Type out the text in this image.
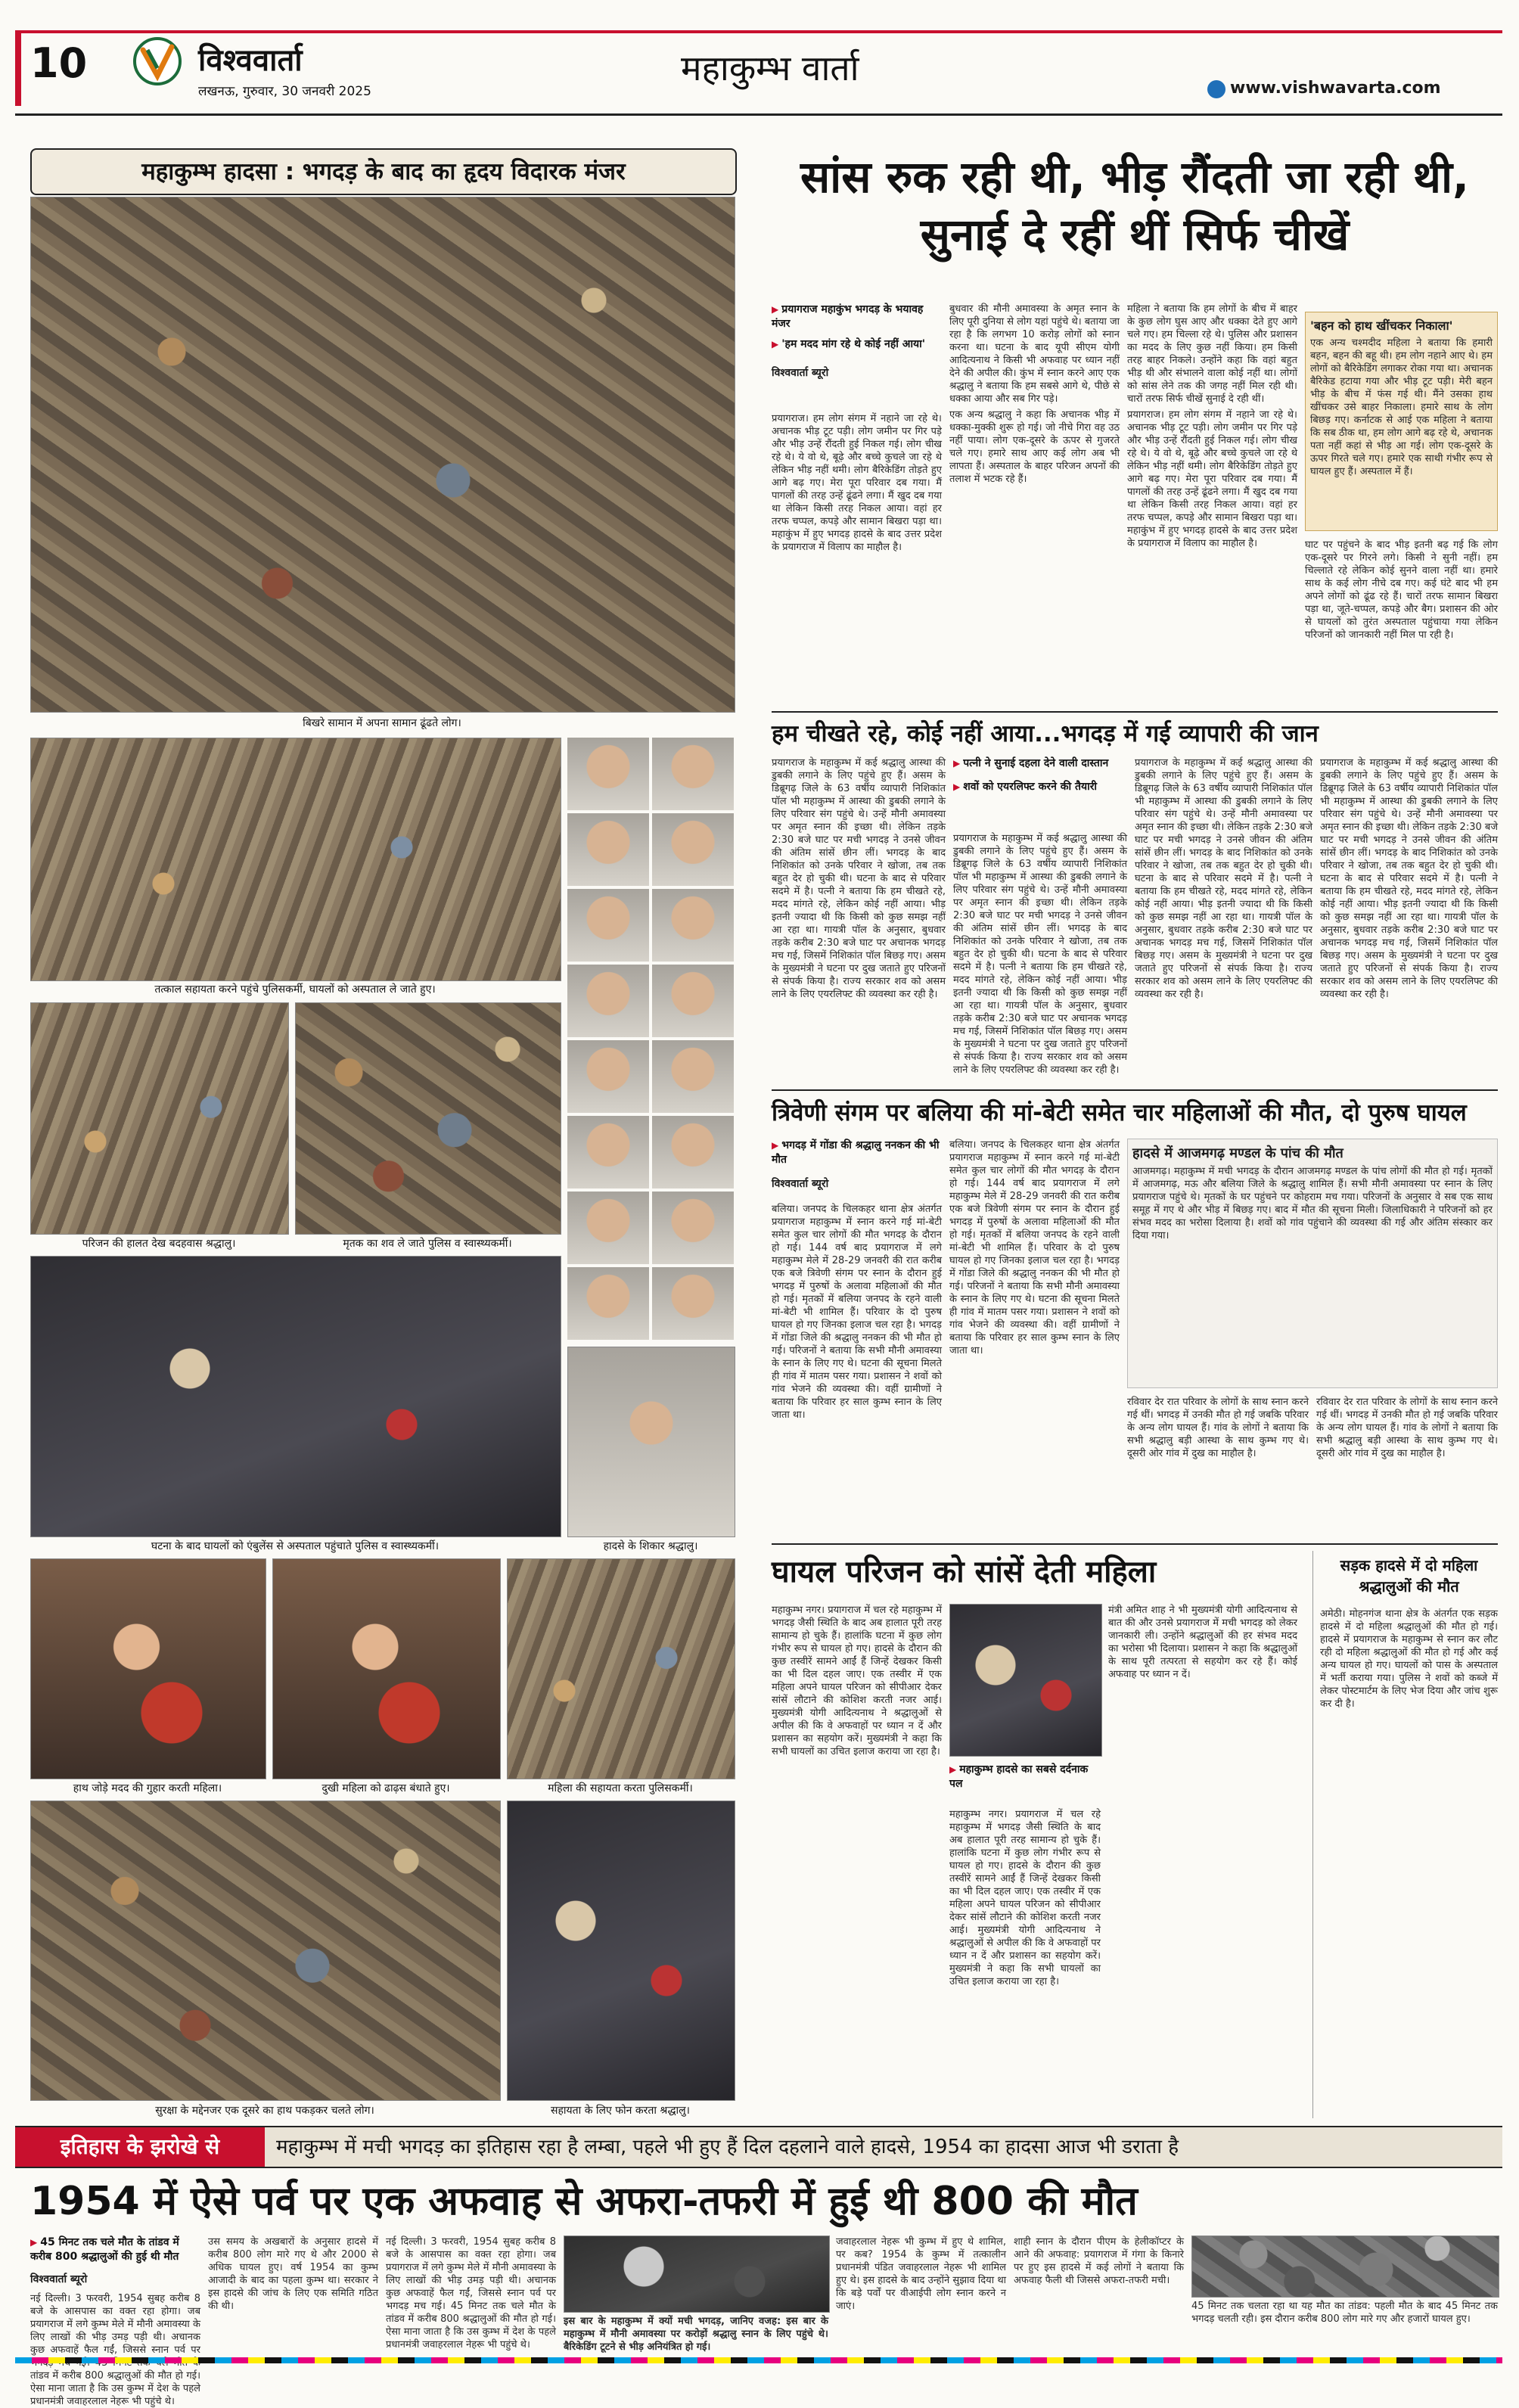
10	विश्ववार्ता
लखनऊ, गुरुवार, 30 जनवरी 2025
महाकुम्भ वार्ता	www.vishwavarta.com
महाकुम्भ हादसा : भगदड़ के बाद का हृदय विदारक मंजर
बिखरे सामान में अपना सामान ढूंढते लोग।
तत्काल सहायता करने पहुंचे पुलिसकर्मी, घायलों को अस्पताल ले जाते हुए।
परिजन की हालत देख बदहवास श्रद्धालु।	मृतक का शव ले जाते पुलिस व स्वास्थ्यकर्मी।
घटना के बाद घायलों को एंबुलेंस से अस्पताल पहुंचाते पुलिस व स्वास्थ्यकर्मी।	हादसे के शिकार श्रद्धालु।
हाथ जोड़े मदद की गुहार करती महिला।	दुखी महिला को ढाढ़स बंधाते हुए।	महिला की सहायता करता पुलिसकर्मी।
सुरक्षा के मद्देनजर एक दूसरे का हाथ पकड़कर चलते लोग।	सहायता के लिए फोन करता श्रद्धालु।
सांस रुक रही थी, भीड़ रौंदती जा रही थी, सुनाई दे रहीं थीं सिर्फ चीखें
▶ प्रयागराज महाकुंभ भगदड़ के भयावह मंजर
▶ 'हम मदद मांग रहे थे कोई नहीं आया'
विश्ववार्ता ब्यूरो

प्रयागराज। हम लोग संगम में नहाने जा रहे थे। अचानक भीड़ टूट पड़ी। लोग जमीन पर गिर पड़े और भीड़ उन्हें रौंदती हुई निकल गई। लोग चीख रहे थे। ये वो थे, बूढ़े और बच्चे कुचले जा रहे थे लेकिन भीड़ नहीं थमी। लोग बैरिकेडिंग तोड़ते हुए आगे बढ़ गए। मेरा पूरा परिवार दब गया। मैं पागलों की तरह उन्हें ढूंढने लगा। मैं खुद दब गया था लेकिन किसी तरह निकल आया। वहां हर तरफ चप्पल, कपड़े और सामान बिखरा पड़ा था। महाकुंभ में हुए भगदड़ हादसे के बाद उत्तर प्रदेश के प्रयागराज में विलाप का माहौल है।

बुधवार की मौनी अमावस्या के अमृत स्नान के लिए पूरी दुनिया से लोग यहां पहुंचे थे। बताया जा रहा है कि लगभग 10 करोड़ लोगों को स्नान करना था। घटना के बाद यूपी सीएम योगी आदित्यनाथ ने किसी भी अफवाह पर ध्यान नहीं देने की अपील की। कुंभ में स्नान करने आए एक श्रद्धालु ने बताया कि हम सबसे आगे थे, पीछे से धक्का आया और सब गिर पड़े।

एक अन्य श्रद्धालु ने कहा कि अचानक भीड़ में धक्का-मुक्की शुरू हो गई। जो नीचे गिरा वह उठ नहीं पाया। लोग एक-दूसरे के ऊपर से गुजरते चले गए। हमारे साथ आए कई लोग अब भी लापता हैं। अस्पताल के बाहर परिजन अपनों की तलाश में भटक रहे हैं।

महिला ने बताया कि हम लोगों के बीच में बाहर के कुछ लोग घुस आए और धक्का देते हुए आगे चले गए। हम चिल्ला रहे थे। पुलिस और प्रशासन का मदद के लिए कुछ नहीं किया। हम किसी तरह बाहर निकले। उन्होंने कहा कि वहां बहुत भीड़ थी और संभालने वाला कोई नहीं था। लोगों को सांस लेने तक की जगह नहीं मिल रही थी। चारों तरफ सिर्फ चीखें सुनाई दे रही थीं।

प्रयागराज। हम लोग संगम में नहाने जा रहे थे। अचानक भीड़ टूट पड़ी। लोग जमीन पर गिर पड़े और भीड़ उन्हें रौंदती हुई निकल गई। लोग चीख रहे थे। ये वो थे, बूढ़े और बच्चे कुचले जा रहे थे लेकिन भीड़ नहीं थमी। लोग बैरिकेडिंग तोड़ते हुए आगे बढ़ गए। मेरा पूरा परिवार दब गया। मैं पागलों की तरह उन्हें ढूंढने लगा। मैं खुद दब गया था लेकिन किसी तरह निकल आया। वहां हर तरफ चप्पल, कपड़े और सामान बिखरा पड़ा था। महाकुंभ में हुए भगदड़ हादसे के बाद उत्तर प्रदेश के प्रयागराज में विलाप का माहौल है।

'बहन को हाथ खींचकर निकाला'
एक अन्य चश्मदीद महिला ने बताया कि हमारी बहन, बहन की बहू थी। हम लोग नहाने आए थे। हम लोगों को बैरिकेडिंग लगाकर रोका गया था। अचानक बैरिकेड हटाया गया और भीड़ टूट पड़ी। मेरी बहन भीड़ के बीच में फंस गई थी। मैंने उसका हाथ खींचकर उसे बाहर निकाला। हमारे साथ के लोग बिछड़ गए। कर्नाटक से आई एक महिला ने बताया कि सब ठीक था, हम लोग आगे बढ़ रहे थे, अचानक पता नहीं कहां से भीड़ आ गई। लोग एक-दूसरे के ऊपर गिरते चले गए। हमारे एक साथी गंभीर रूप से घायल हुए हैं। अस्पताल में हैं।
घाट पर पहुंचने के बाद भीड़ इतनी बढ़ गई कि लोग एक-दूसरे पर गिरने लगे। किसी ने सुनी नहीं। हम चिल्लाते रहे लेकिन कोई सुनने वाला नहीं था। हमारे साथ के कई लोग नीचे दब गए। कई घंटे बाद भी हम अपने लोगों को ढूंढ रहे हैं। चारों तरफ सामान बिखरा पड़ा था, जूते-चप्पल, कपड़े और बैग। प्रशासन की ओर से घायलों को तुरंत अस्पताल पहुंचाया गया लेकिन परिजनों को जानकारी नहीं मिल पा रही है।
हम चीखते रहे, कोई नहीं आया...भगदड़ में गई व्यापारी की जान
प्रयागराज के महाकुम्भ में कई श्रद्धालु आस्था की डुबकी लगाने के लिए पहुंचे हुए हैं। असम के डिब्रूगढ़ जिले के 63 वर्षीय व्यापारी निशिकांत पॉल भी महाकुम्भ में आस्था की डुबकी लगाने के लिए परिवार संग पहुंचे थे। उन्हें मौनी अमावस्या पर अमृत स्नान की इच्छा थी। लेकिन तड़के 2:30 बजे घाट पर मची भगदड़ ने उनसे जीवन की अंतिम सांसें छीन लीं। भगदड़ के बाद निशिकांत को उनके परिवार ने खोजा, तब तक बहुत देर हो चुकी थी। घटना के बाद से परिवार सदमे में है। पत्नी ने बताया कि हम चीखते रहे, मदद मांगते रहे, लेकिन कोई नहीं आया। भीड़ इतनी ज्यादा थी कि किसी को कुछ समझ नहीं आ रहा था। गायत्री पॉल के अनुसार, बुधवार तड़के करीब 2:30 बजे घाट पर अचानक भगदड़ मच गई, जिसमें निशिकांत पॉल बिछड़ गए। असम के मुख्यमंत्री ने घटना पर दुख जताते हुए परिजनों से संपर्क किया है। राज्य सरकार शव को असम लाने के लिए एयरलिफ्ट की व्यवस्था कर रही है।
▶ पत्नी ने सुनाई दहला देने वाली दास्तान
▶ शवों को एयरलिफ्ट करने की तैयारी
प्रयागराज के महाकुम्भ में कई श्रद्धालु आस्था की डुबकी लगाने के लिए पहुंचे हुए हैं। असम के डिब्रूगढ़ जिले के 63 वर्षीय व्यापारी निशिकांत पॉल भी महाकुम्भ में आस्था की डुबकी लगाने के लिए परिवार संग पहुंचे थे। उन्हें मौनी अमावस्या पर अमृत स्नान की इच्छा थी। लेकिन तड़के 2:30 बजे घाट पर मची भगदड़ ने उनसे जीवन की अंतिम सांसें छीन लीं। भगदड़ के बाद निशिकांत को उनके परिवार ने खोजा, तब तक बहुत देर हो चुकी थी। घटना के बाद से परिवार सदमे में है। पत्नी ने बताया कि हम चीखते रहे, मदद मांगते रहे, लेकिन कोई नहीं आया। भीड़ इतनी ज्यादा थी कि किसी को कुछ समझ नहीं आ रहा था। गायत्री पॉल के अनुसार, बुधवार तड़के करीब 2:30 बजे घाट पर अचानक भगदड़ मच गई, जिसमें निशिकांत पॉल बिछड़ गए। असम के मुख्यमंत्री ने घटना पर दुख जताते हुए परिजनों से संपर्क किया है। राज्य सरकार शव को असम लाने के लिए एयरलिफ्ट की व्यवस्था कर रही है।
प्रयागराज के महाकुम्भ में कई श्रद्धालु आस्था की डुबकी लगाने के लिए पहुंचे हुए हैं। असम के डिब्रूगढ़ जिले के 63 वर्षीय व्यापारी निशिकांत पॉल भी महाकुम्भ में आस्था की डुबकी लगाने के लिए परिवार संग पहुंचे थे। उन्हें मौनी अमावस्या पर अमृत स्नान की इच्छा थी। लेकिन तड़के 2:30 बजे घाट पर मची भगदड़ ने उनसे जीवन की अंतिम सांसें छीन लीं। भगदड़ के बाद निशिकांत को उनके परिवार ने खोजा, तब तक बहुत देर हो चुकी थी। घटना के बाद से परिवार सदमे में है। पत्नी ने बताया कि हम चीखते रहे, मदद मांगते रहे, लेकिन कोई नहीं आया। भीड़ इतनी ज्यादा थी कि किसी को कुछ समझ नहीं आ रहा था। गायत्री पॉल के अनुसार, बुधवार तड़के करीब 2:30 बजे घाट पर अचानक भगदड़ मच गई, जिसमें निशिकांत पॉल बिछड़ गए। असम के मुख्यमंत्री ने घटना पर दुख जताते हुए परिजनों से संपर्क किया है। राज्य सरकार शव को असम लाने के लिए एयरलिफ्ट की व्यवस्था कर रही है।
प्रयागराज के महाकुम्भ में कई श्रद्धालु आस्था की डुबकी लगाने के लिए पहुंचे हुए हैं। असम के डिब्रूगढ़ जिले के 63 वर्षीय व्यापारी निशिकांत पॉल भी महाकुम्भ में आस्था की डुबकी लगाने के लिए परिवार संग पहुंचे थे। उन्हें मौनी अमावस्या पर अमृत स्नान की इच्छा थी। लेकिन तड़के 2:30 बजे घाट पर मची भगदड़ ने उनसे जीवन की अंतिम सांसें छीन लीं। भगदड़ के बाद निशिकांत को उनके परिवार ने खोजा, तब तक बहुत देर हो चुकी थी। घटना के बाद से परिवार सदमे में है। पत्नी ने बताया कि हम चीखते रहे, मदद मांगते रहे, लेकिन कोई नहीं आया। भीड़ इतनी ज्यादा थी कि किसी को कुछ समझ नहीं आ रहा था। गायत्री पॉल के अनुसार, बुधवार तड़के करीब 2:30 बजे घाट पर अचानक भगदड़ मच गई, जिसमें निशिकांत पॉल बिछड़ गए। असम के मुख्यमंत्री ने घटना पर दुख जताते हुए परिजनों से संपर्क किया है। राज्य सरकार शव को असम लाने के लिए एयरलिफ्ट की व्यवस्था कर रही है।
त्रिवेणी संगम पर बलिया की मां-बेटी समेत चार महिलाओं की मौत, दो पुरुष घायल
▶ भगदड़ में गोंडा की श्रद्धालु ननकन की भी मौत
विश्ववार्ता ब्यूरो
बलिया। जनपद के चिलकहर थाना क्षेत्र अंतर्गत प्रयागराज महाकुम्भ में स्नान करने गई मां-बेटी समेत कुल चार लोगों की मौत भगदड़ के दौरान हो गई। 144 वर्ष बाद प्रयागराज में लगे महाकुम्भ मेले में 28-29 जनवरी की रात करीब एक बजे त्रिवेणी संगम पर स्नान के दौरान हुई भगदड़ में पुरुषों के अलावा महिलाओं की मौत हो गई। मृतकों में बलिया जनपद के रहने वाली मां-बेटी भी शामिल हैं। परिवार के दो पुरुष घायल हो गए जिनका इलाज चल रहा है। भगदड़ में गोंडा जिले की श्रद्धालु ननकन की भी मौत हो गई। परिजनों ने बताया कि सभी मौनी अमावस्या के स्नान के लिए गए थे। घटना की सूचना मिलते ही गांव में मातम पसर गया। प्रशासन ने शवों को गांव भेजने की व्यवस्था की। वहीं ग्रामीणों ने बताया कि परिवार हर साल कुम्भ स्नान के लिए जाता था।
बलिया। जनपद के चिलकहर थाना क्षेत्र अंतर्गत प्रयागराज महाकुम्भ में स्नान करने गई मां-बेटी समेत कुल चार लोगों की मौत भगदड़ के दौरान हो गई। 144 वर्ष बाद प्रयागराज में लगे महाकुम्भ मेले में 28-29 जनवरी की रात करीब एक बजे त्रिवेणी संगम पर स्नान के दौरान हुई भगदड़ में पुरुषों के अलावा महिलाओं की मौत हो गई। मृतकों में बलिया जनपद के रहने वाली मां-बेटी भी शामिल हैं। परिवार के दो पुरुष घायल हो गए जिनका इलाज चल रहा है। भगदड़ में गोंडा जिले की श्रद्धालु ननकन की भी मौत हो गई। परिजनों ने बताया कि सभी मौनी अमावस्या के स्नान के लिए गए थे। घटना की सूचना मिलते ही गांव में मातम पसर गया। प्रशासन ने शवों को गांव भेजने की व्यवस्था की। वहीं ग्रामीणों ने बताया कि परिवार हर साल कुम्भ स्नान के लिए जाता था।
हादसे में आजमगढ़ मण्डल के पांच की मौत
आजमगढ़। महाकुम्भ में मची भगदड़ के दौरान आजमगढ़ मण्डल के पांच लोगों की मौत हो गई। मृतकों में आजमगढ़, मऊ और बलिया जिले के श्रद्धालु शामिल हैं। सभी मौनी अमावस्या पर स्नान के लिए प्रयागराज पहुंचे थे। मृतकों के घर पहुंचने पर कोहराम मच गया। परिजनों के अनुसार वे सब एक साथ समूह में गए थे और भीड़ में बिछड़ गए। बाद में मौत की सूचना मिली। जिलाधिकारी ने परिजनों को हर संभव मदद का भरोसा दिलाया है। शवों को गांव पहुंचाने की व्यवस्था की गई और अंतिम संस्कार कर दिया गया।
रविवार देर रात परिवार के लोगों के साथ स्नान करने गई थीं। भगदड़ में उनकी मौत हो गई जबकि परिवार के अन्य लोग घायल हैं। गांव के लोगों ने बताया कि सभी श्रद्धालु बड़ी आस्था के साथ कुम्भ गए थे। दूसरी ओर गांव में दुख का माहौल है।
रविवार देर रात परिवार के लोगों के साथ स्नान करने गई थीं। भगदड़ में उनकी मौत हो गई जबकि परिवार के अन्य लोग घायल हैं। गांव के लोगों ने बताया कि सभी श्रद्धालु बड़ी आस्था के साथ कुम्भ गए थे। दूसरी ओर गांव में दुख का माहौल है।
घायल परिजन को सांसें देती महिला
महाकुम्भ नगर। प्रयागराज में चल रहे महाकुम्भ में भगदड़ जैसी स्थिति के बाद अब हालात पूरी तरह सामान्य हो चुके हैं। हालांकि घटना में कुछ लोग गंभीर रूप से घायल हो गए। हादसे के दौरान की कुछ तस्वीरें सामने आईं हैं जिन्हें देखकर किसी का भी दिल दहल जाए। एक तस्वीर में एक महिला अपने घायल परिजन को सीपीआर देकर सांसें लौटाने की कोशिश करती नजर आई। मुख्यमंत्री योगी आदित्यनाथ ने श्रद्धालुओं से अपील की कि वे अफवाहों पर ध्यान न दें और प्रशासन का सहयोग करें। मुख्यमंत्री ने कहा कि सभी घायलों का उचित इलाज कराया जा रहा है।
▶ महाकुम्भ हादसे का सबसे दर्दनाक पल
महाकुम्भ नगर। प्रयागराज में चल रहे महाकुम्भ में भगदड़ जैसी स्थिति के बाद अब हालात पूरी तरह सामान्य हो चुके हैं। हालांकि घटना में कुछ लोग गंभीर रूप से घायल हो गए। हादसे के दौरान की कुछ तस्वीरें सामने आईं हैं जिन्हें देखकर किसी का भी दिल दहल जाए। एक तस्वीर में एक महिला अपने घायल परिजन को सीपीआर देकर सांसें लौटाने की कोशिश करती नजर आई। मुख्यमंत्री योगी आदित्यनाथ ने श्रद्धालुओं से अपील की कि वे अफवाहों पर ध्यान न दें और प्रशासन का सहयोग करें। मुख्यमंत्री ने कहा कि सभी घायलों का उचित इलाज कराया जा रहा है।
मंत्री अमित शाह ने भी मुख्यमंत्री योगी आदित्यनाथ से बात की और उनसे प्रयागराज में मची भगदड़ को लेकर जानकारी ली। उन्होंने श्रद्धालुओं की हर संभव मदद का भरोसा भी दिलाया। प्रशासन ने कहा कि श्रद्धालुओं के साथ पूरी तत्परता से सहयोग कर रहे हैं। कोई अफवाह पर ध्यान न दें।
सड़क हादसे में दो महिला श्रद्धालुओं की मौत
अमेठी। मोहनगंज थाना क्षेत्र के अंतर्गत एक सड़क हादसे में दो महिला श्रद्धालुओं की मौत हो गई। हादसे में प्रयागराज के महाकुम्भ से स्नान कर लौट रही दो महिला श्रद्धालुओं की मौत हो गई और कई अन्य घायल हो गए। घायलों को पास के अस्पताल में भर्ती कराया गया। पुलिस ने शवों को कब्जे में लेकर पोस्टमार्टम के लिए भेज दिया और जांच शुरू कर दी है।
इतिहास के झरोखे से	महाकुम्भ में मची भगदड़ का इतिहास रहा है लम्बा, पहले भी हुए हैं दिल दहलाने वाले हादसे, 1954 का हादसा आज भी डराता है
1954 में ऐसे पर्व पर एक अफवाह से अफरा-तफरी में हुई थी 800 की मौत
▶ 45 मिनट तक चले मौत के तांडव में करीब 800 श्रद्धालुओं की हुई थी मौत
विश्ववार्ता ब्यूरो
नई दिल्ली। 3 फरवरी, 1954 सुबह करीब 8 बजे के आसपास का वक्त रहा होगा। जब प्रयागराज में लगे कुम्भ मेले में मौनी अमावस्या के लिए लाखों की भीड़ उमड़ पड़ी थी। अचानक कुछ अफवाहें फैल गईं, जिससे स्नान पर्व पर तांडव में करीब 800 श्रद्धालुओं की मौत हो गई। ऐसा माना जाता है कि उस कुम्भ में देश के पहले प्रधानमंत्री जवाहरलाल नेहरू भी पहुंचे थे।
उस समय के अखबारों के अनुसार हादसे में करीब 800 लोग मारे गए थे और 2000 से अधिक घायल हुए। वर्ष 1954 का कुम्भ आजादी के बाद का पहला कुम्भ था। सरकार ने इस हादसे की जांच के लिए एक समिति गठित की थी।
नई दिल्ली। 3 फरवरी, 1954 सुबह करीब 8 बजे के आसपास का वक्त रहा होगा। जब प्रयागराज में लगे कुम्भ मेले में मौनी अमावस्या के लिए लाखों की भीड़ उमड़ पड़ी थी। अचानक कुछ अफवाहें फैल गईं, जिससे स्नान पर्व पर भगदड़ मच गई। 45 मिनट तक चले मौत के तांडव में करीब 800 श्रद्धालुओं की मौत हो गई। ऐसा माना जाता है कि उस कुम्भ में देश के पहले प्रधानमंत्री जवाहरलाल नेहरू भी पहुंचे थे।
इस बार के महाकुम्भ में क्यों मची भगदड़, जानिए वजह: इस बार के महाकुम्भ में मौनी अमावस्या पर करोड़ों श्रद्धालु स्नान के लिए पहुंचे थे। बैरिकेडिंग टूटने से भीड़ अनियंत्रित हो गई।
जवाहरलाल नेहरू भी कुम्भ में हुए थे शामिल, पर कब? 1954 के कुम्भ में तत्कालीन प्रधानमंत्री पंडित जवाहरलाल नेहरू भी शामिल हुए थे। इस हादसे के बाद उन्होंने सुझाव दिया था कि बड़े पर्वों पर वीआईपी लोग स्नान करने न जाएं।
शाही स्नान के दौरान पीएम के हेलीकॉप्टर के आने की अफवाह: प्रयागराज में गंगा के किनारे पर हुए इस हादसे में कई लोगों ने बताया कि अफवाह फैली थी जिससे अफरा-तफरी मची।
45 मिनट तक चलता रहा था यह मौत का तांडव: पहली मौत के बाद 45 मिनट तक भगदड़ चलती रही। इस दौरान करीब 800 लोग मारे गए और हजारों घायल हुए।
